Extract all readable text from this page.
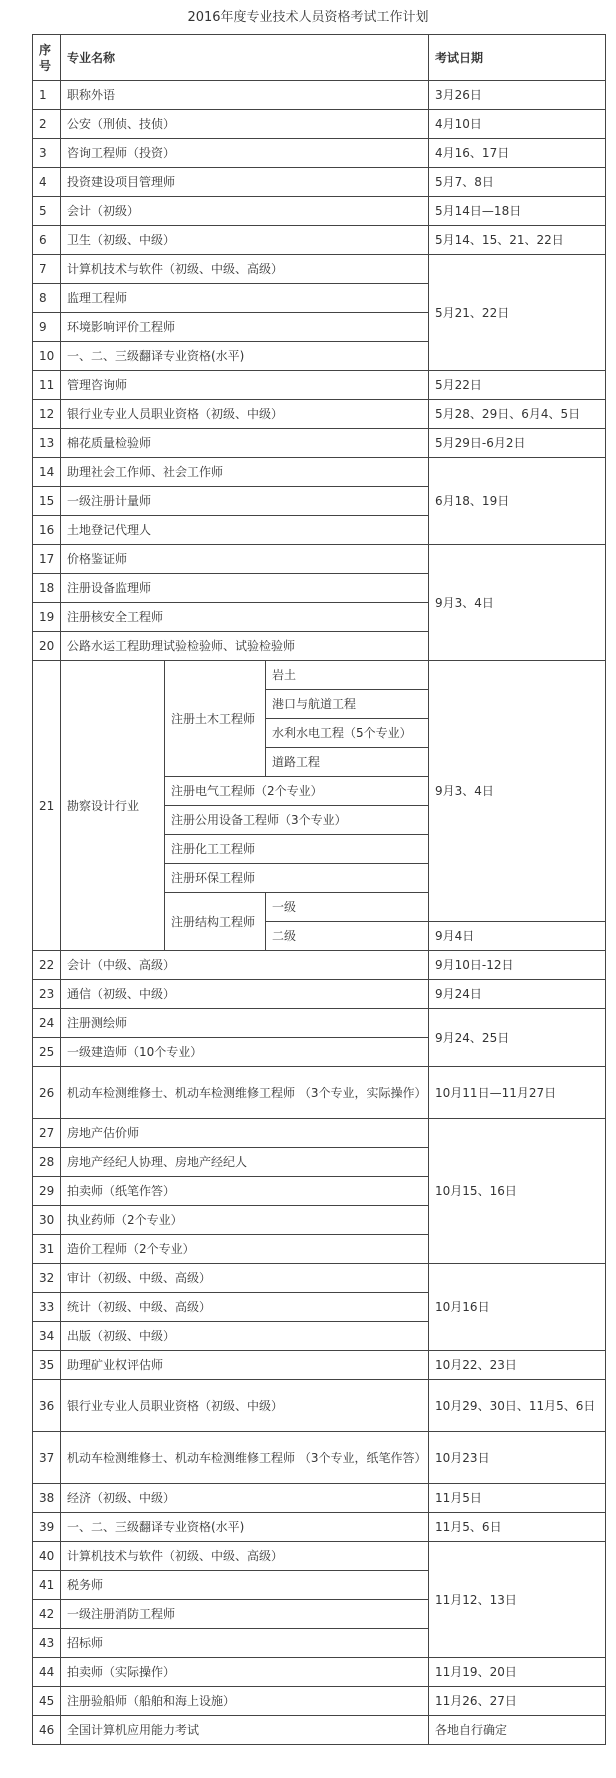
2016年度专业技术人员资格考试工作计划
序号	专业名称			考试日期
1	职称外语			3月26日
2	公安（刑侦、技侦）			4月10日
3	咨询工程师（投资）			4月16、17日
4	投资建设项目管理师			5月7、8日
5	会计（初级）			5月14日—18日
6	卫生（初级、中级）			5月14、15、21、22日
7	计算机技术与软件（初级、中级、高级）			5月21、22日
8	监理工程师			
9	环境影响评价工程师			
10	一、二、三级翻译专业资格(水平)			
11	管理咨询师			5月22日
12	银行业专业人员职业资格（初级、中级）			5月28、29日、6月4、5日
13	棉花质量检验师			5月29日-6月2日
14	助理社会工作师、社会工作师			6月18、19日
15	一级注册计量师			
16	土地登记代理人			
17	价格鉴证师			9月3、4日
18	注册设备监理师			
19	注册核安全工程师			
20	公路水运工程助理试验检验师、试验检验师			
21	勘察设计行业	注册土木工程师	岩土	9月3、4日
			港口与航道工程	
			水利水电工程（5个专业）	
			道路工程	
		注册电气工程师（2个专业）		
		注册公用设备工程师（3个专业）		
		注册化工工程师		
		注册环保工程师		
		注册结构工程师	一级	
			二级	9月4日
22	会计（中级、高级）			9月10日-12日
23	通信（初级、中级）			9月24日
24	注册测绘师			9月24、25日
25	一级建造师（10个专业）			
26	机动车检测维修士、机动车检测维修工程师 （3个专业，实际操作）			10月11日—11月27日
27	房地产估价师			10月15、16日
28	房地产经纪人协理、房地产经纪人			
29	拍卖师（纸笔作答）			
30	执业药师（2个专业）			
31	造价工程师（2个专业）			
32	审计（初级、中级、高级）			10月16日
33	统计（初级、中级、高级）			
34	出版（初级、中级）			
35	助理矿业权评估师			10月22、23日
36	银行业专业人员职业资格（初级、中级）			10月29、30日、11月5、6日
37	机动车检测维修士、机动车检测维修工程师 （3个专业，纸笔作答）			10月23日
38	经济（初级、中级）			11月5日
39	一、二、三级翻译专业资格(水平)			11月5、6日
40	计算机技术与软件（初级、中级、高级）			11月12、13日
41	税务师			
42	一级注册消防工程师			
43	招标师			
44	拍卖师（实际操作）			11月19、20日
45	注册验船师（船舶和海上设施）			11月26、27日
46	全国计算机应用能力考试			各地自行确定
